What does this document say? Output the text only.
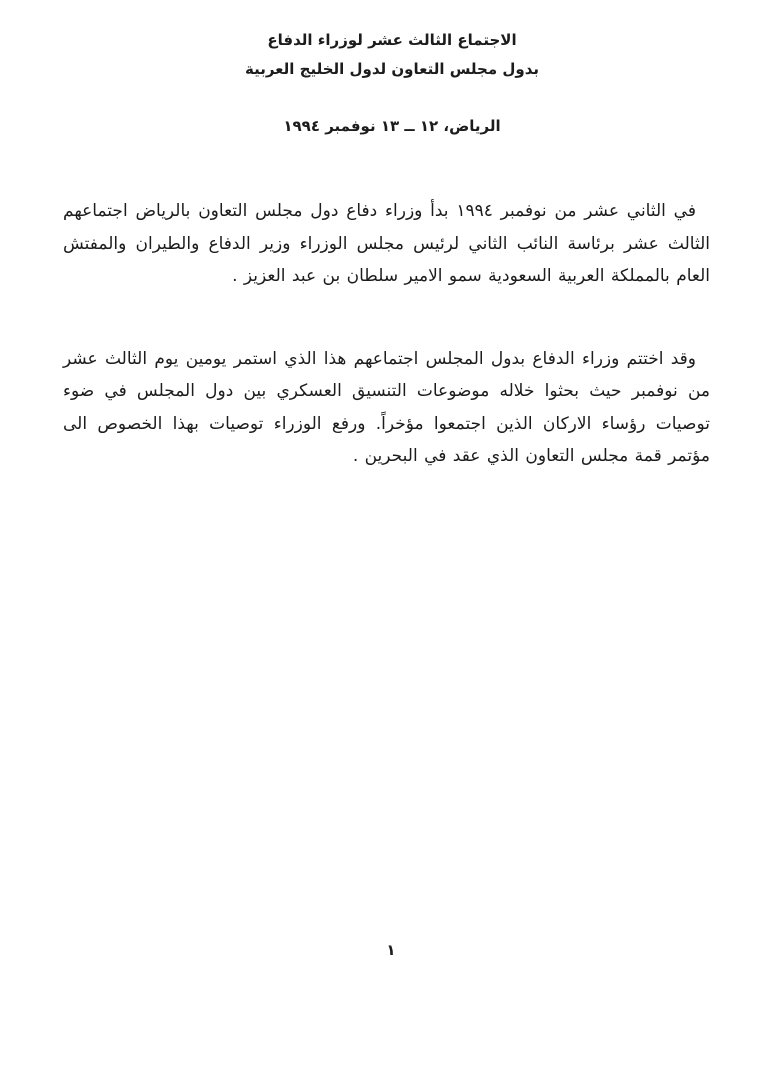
الاجتماع الثالث عشر لوزراء الدفاع
بدول مجلس التعاون لدول الخليج العربية
الرياض، ١٢ ــ ١٣ نوفمبر ١٩٩٤

في الثاني عشر من نوفمبر ١٩٩٤ بدأ وزراء دفاع دول مجلس التعاون بالرياض اجتماعهم الثالث عشر برئاسة النائب الثاني لرئيس مجلس الوزراء وزير الدفاع والطيران والمفتش العام بالمملكة العربية السعودية سمو الامير سلطان بن عبد العزيز .

وقد اختتم وزراء الدفاع بدول المجلس اجتماعهم هذا الذي استمر يومين يوم الثالث عشر من نوفمبر حيث بحثوا خلاله موضوعات التنسيق العسكري بين دول المجلس في ضوء توصيات رؤساء الاركان الذين اجتمعوا مؤخراً. ورفع الوزراء توصيات بهذا الخصوص الى مؤتمر قمة مجلس التعاون الذي عقد في البحرين .

١
